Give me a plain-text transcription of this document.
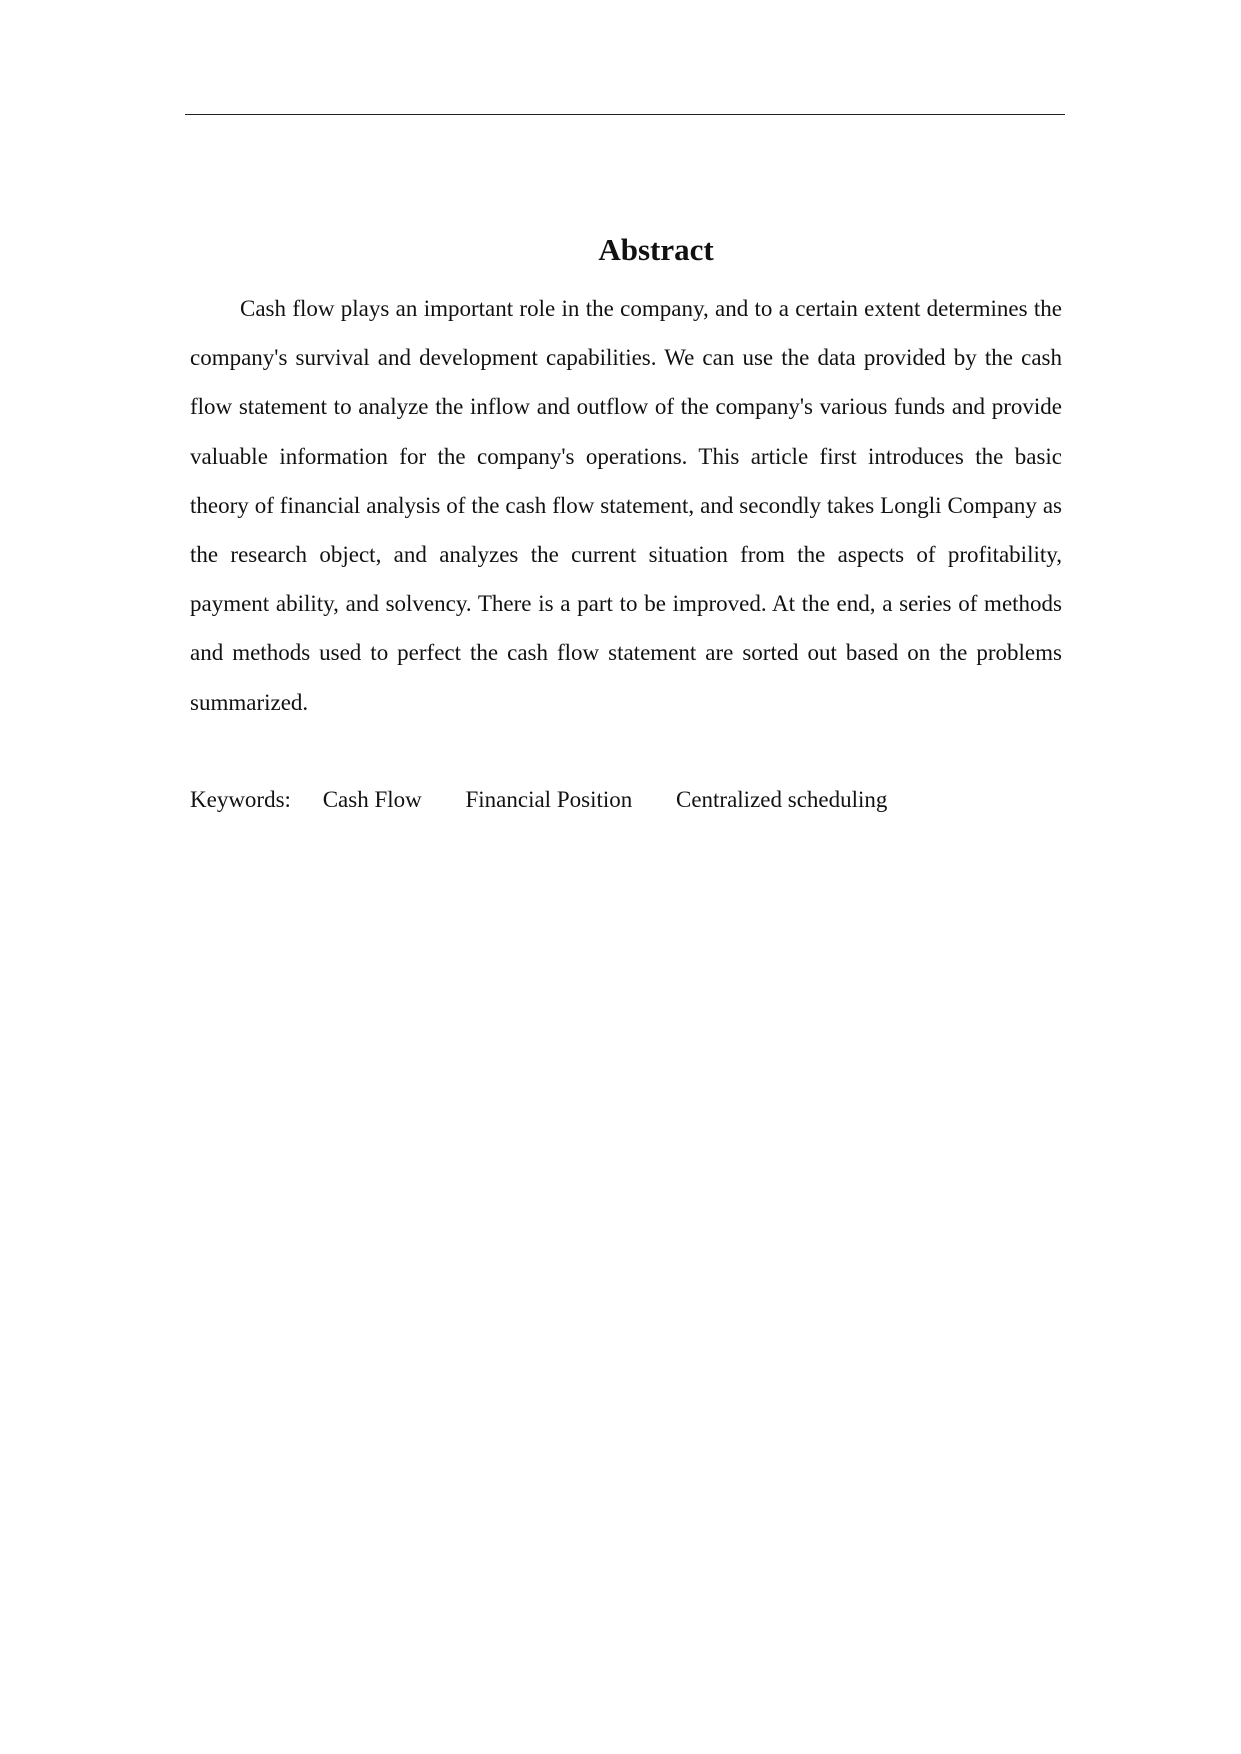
Abstract

Cash flow plays an important role in the company, and to a certain extent determines the company's survival and development capabilities. We can use the data provided by the cash flow statement to analyze the inflow and outflow of the company's various funds and provide valuable information for the company's operations. This article first introduces the basic theory of financial analysis of the cash flow statement, and secondly takes Longli Company as the research object, and analyzes the current situation from the aspects of profitability, payment ability, and solvency. There is a part to be improved. At the end, a series of methods and methods used to perfect the cash flow statement are sorted out based on the problems summarized.

Keywords: Cash Flow Financial Position Centralized scheduling
